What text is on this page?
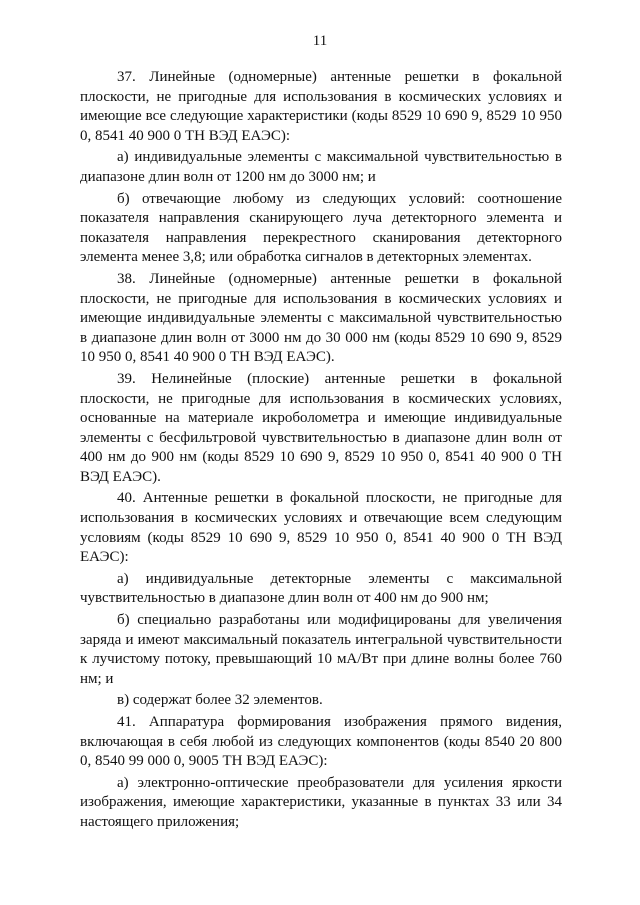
11

37. Линейные (одномерные) антенные решетки в фокальной плоскости, не пригодные для использования в космических условиях и имеющие все следующие характеристики (коды 8529 10 690 9, 8529 10 950 0, 8541 40 900 0 ТН ВЭД ЕАЭС):

а) индивидуальные элементы с максимальной чувствительностью в диапазоне длин волн от 1200 нм до 3000 нм; и

б) отвечающие любому из следующих условий: соотношение показателя направления сканирующего луча детекторного элемента и показателя направления перекрестного сканирования детекторного элемента менее 3,8; или обработка сигналов в детекторных элементах.

38. Линейные (одномерные) антенные решетки в фокальной плоскости, не пригодные для использования в космических условиях и имеющие индивидуальные элементы с максимальной чувствительностью в диапазоне длин волн от 3000 нм до 30 000 нм (коды 8529 10 690 9, 8529 10 950 0, 8541 40 900 0 ТН ВЭД ЕАЭС).

39. Нелинейные (плоские) антенные решетки в фокальной плоскости, не пригодные для использования в космических условиях, основанные на материале икроболометра и имеющие индивидуальные элементы с бесфильтровой чувствительностью в диапазоне длин волн от 400 нм до 900 нм (коды 8529 10 690 9, 8529 10 950 0, 8541 40 900 0 ТН ВЭД ЕАЭС).

40. Антенные решетки в фокальной плоскости, не пригодные для использования в космических условиях и отвечающие всем следующим условиям (коды 8529 10 690 9, 8529 10 950 0, 8541 40 900 0 ТН ВЭД ЕАЭС):

а) индивидуальные детекторные элементы с максимальной чувствительностью в диапазоне длин волн от 400 нм до 900 нм;

б) специально разработаны или модифицированы для увеличения заряда и имеют максимальный показатель интегральной чувствительности к лучистому потоку, превышающий 10 мА/Вт при длине волны более 760 нм; и

в) содержат более 32 элементов.

41. Аппаратура формирования изображения прямого видения, включающая в себя любой из следующих компонентов (коды 8540 20 800 0, 8540 99 000 0, 9005 ТН ВЭД ЕАЭС):

а) электронно-оптические преобразователи для усиления яркости изображения, имеющие характеристики, указанные в пунктах 33 или 34 настоящего приложения;
